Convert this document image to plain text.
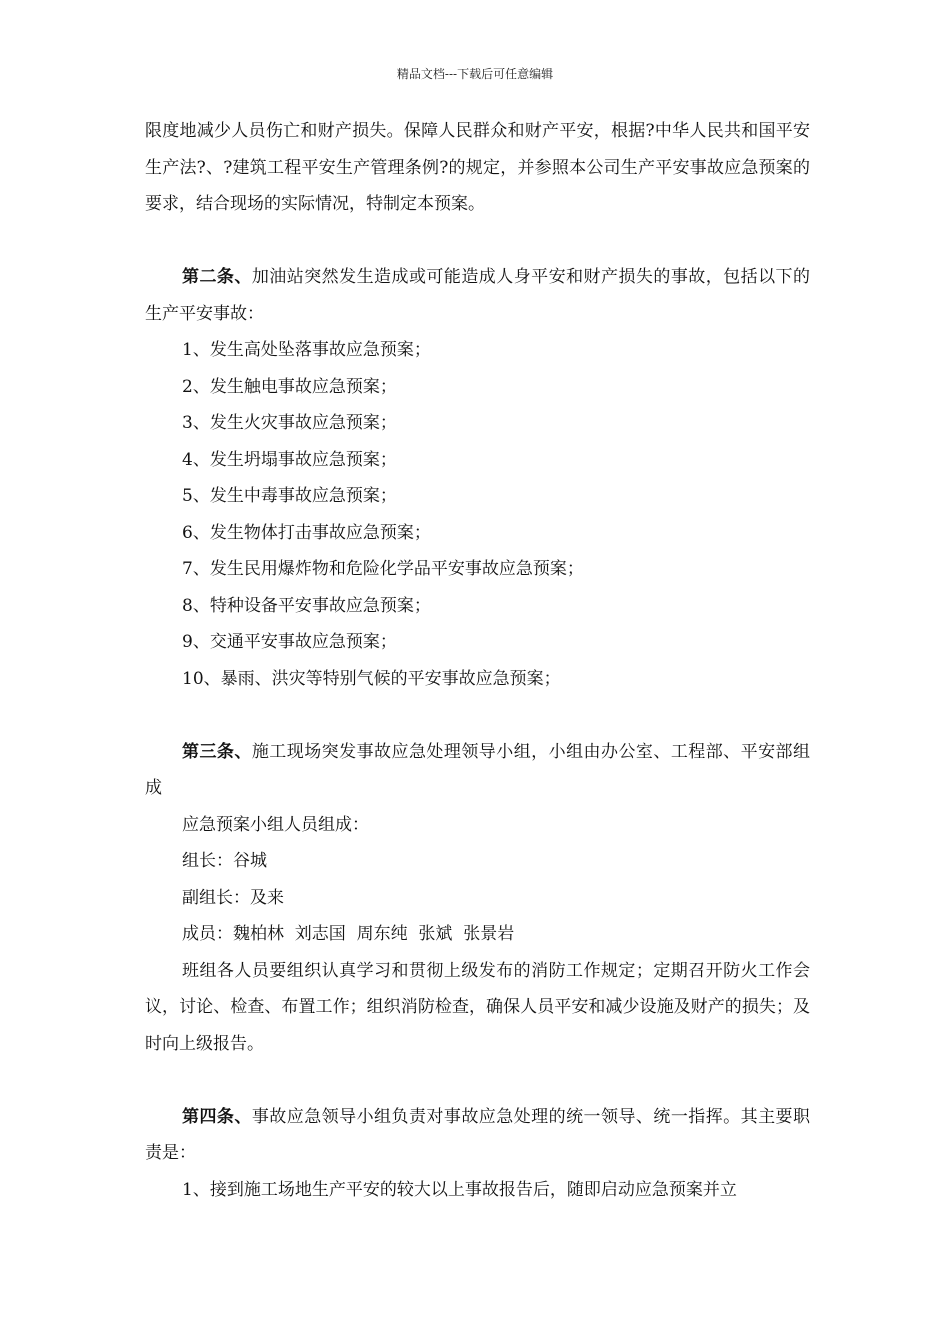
精品文档---下载后可任意编辑

限度地减少人员伤亡和财产损失。保障人民群众和财产平安，根据?中华人民共和国平安生产法?、?建筑工程平安生产管理条例?的规定，并参照本公司生产平安事故应急预案的要求，结合现场的实际情况，特制定本预案。

第二条、加油站突然发生造成或可能造成人身平安和财产损失的事故，包括以下的生产平安事故：

1、发生高处坠落事故应急预案；

2、发生触电事故应急预案；

3、发生火灾事故应急预案；

4、发生坍塌事故应急预案；

5、发生中毒事故应急预案；

6、发生物体打击事故应急预案；

7、发生民用爆炸物和危险化学品平安事故应急预案；

8、特种设备平安事故应急预案；

9、交通平安事故应急预案；

10、暴雨、洪灾等特别气候的平安事故应急预案；

第三条、施工现场突发事故应急处理领导小组，小组由办公室、工程部、平安部组成

应急预案小组人员组成：

组长：谷城

副组长：及来

成员：魏柏林  刘志国  周东纯  张斌  张景岩

班组各人员要组织认真学习和贯彻上级发布的消防工作规定；定期召开防火工作会议，讨论、检查、布置工作；组织消防检查，确保人员平安和减少设施及财产的损失；及时向上级报告。

第四条、事故应急领导小组负责对事故应急处理的统一领导、统一指挥。其主要职责是：

1、接到施工场地生产平安的较大以上事故报告后，随即启动应急预案并立
